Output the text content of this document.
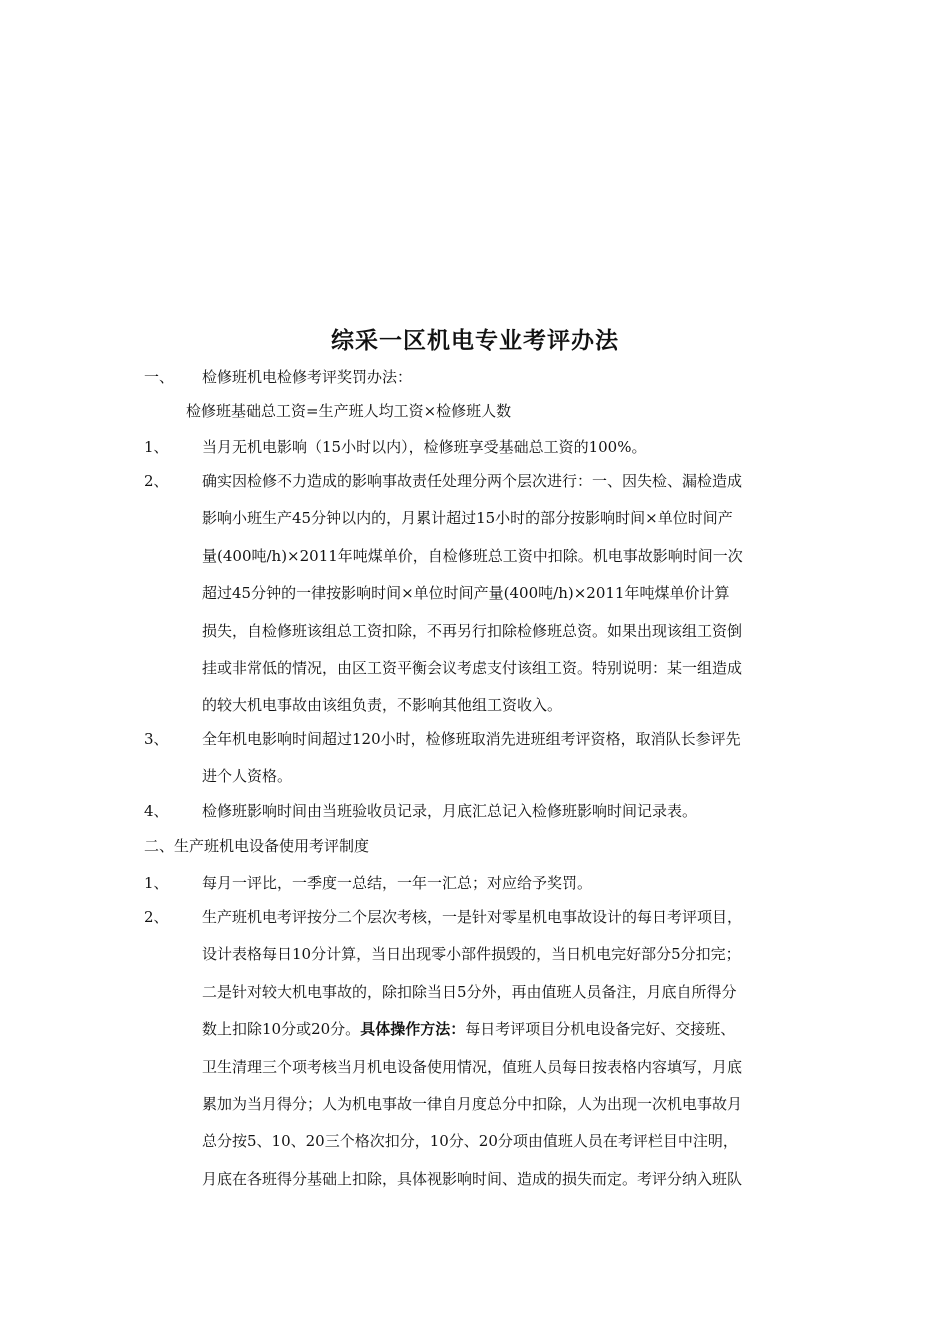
综采一区机电专业考评办法
一、 检修班机电检修考评奖罚办法：
检修班基础总工资=生产班人均工资×检修班人数
1、 当月无机电影响（15小时以内），检修班享受基础总工资的100%。
2、 确实因检修不力造成的影响事故责任处理分两个层次进行：一、因失检、漏检造成
影响小班生产45分钟以内的，月累计超过15小时的部分按影响时间×单位时间产
量(400吨/h)×2011年吨煤单价，自检修班总工资中扣除。机电事故影响时间一次
超过45分钟的一律按影响时间×单位时间产量(400吨/h)×2011年吨煤单价计算
损失，自检修班该组总工资扣除，不再另行扣除检修班总资。如果出现该组工资倒
挂或非常低的情况，由区工资平衡会议考虑支付该组工资。特别说明：某一组造成
的较大机电事故由该组负责，不影响其他组工资收入。
3、 全年机电影响时间超过120小时，检修班取消先进班组考评资格，取消队长参评先
进个人资格。
4、 检修班影响时间由当班验收员记录，月底汇总记入检修班影响时间记录表。
二、生产班机电设备使用考评制度
1、 每月一评比，一季度一总结，一年一汇总；对应给予奖罚。
2、 生产班机电考评按分二个层次考核，一是针对零星机电事故设计的每日考评项目，
设计表格每日10分计算，当日出现零小部件损毁的，当日机电完好部分5分扣完；
二是针对较大机电事故的，除扣除当日5分外，再由值班人员备注，月底自所得分
数上扣除10分或20分。具体操作方法：每日考评项目分机电设备完好、交接班、
卫生清理三个项考核当月机电设备使用情况，值班人员每日按表格内容填写，月底
累加为当月得分；人为机电事故一律自月度总分中扣除，人为出现一次机电事故月
总分按5、10、20三个格次扣分，10分、20分项由值班人员在考评栏目中注明，
月底在各班得分基础上扣除，具体视影响时间、造成的损失而定。考评分纳入班队
